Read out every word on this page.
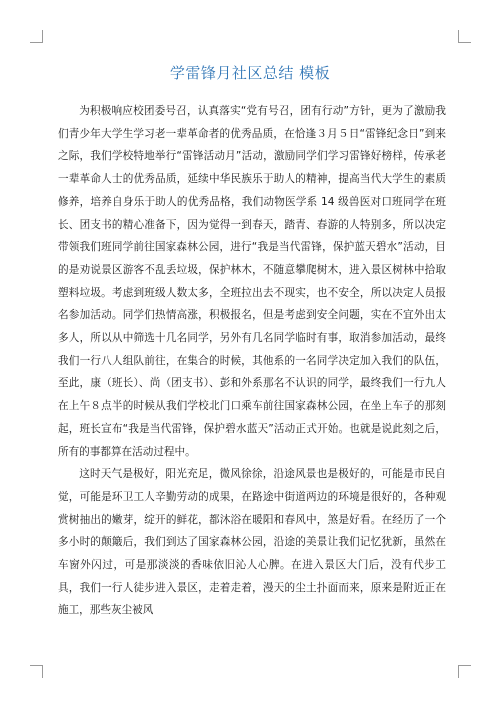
学雷锋月社区总结 模板

为积极响应校团委号召，认真落实“党有号召，团有行动”方针，更为了激励我们青少年大学生学习老一辈革命者的优秀品质，在恰逢３月５日“雷锋纪念日”到来之际，我们学校特地举行“雷锋活动月”活动，激励同学们学习雷锋好榜样，传承老一辈革命人士的优秀品质，延续中华民族乐于助人的精神，提高当代大学生的素质修养，培养自身乐于助人的优秀品格，我们动物医学系 14 级兽医对口班同学在班长、团支书的精心准备下，因为觉得一到春天，踏青、春游的人特别多，所以决定带领我们班同学前往国家森林公园，进行“我是当代雷锋，保护蓝天碧水”活动，目的是劝说景区游客不乱丢垃圾，保护林木，不随意攀爬树木，进入景区树林中拾取塑料垃圾。考虑到班级人数太多，全班拉出去不现实，也不安全，所以决定人员报名参加活动。同学们热情高涨，积极报名，但是考虑到安全问题，实在不宜外出太多人，所以从中筛选十几名同学，另外有几名同学临时有事，取消参加活动，最终我们一行八人组队前往，在集合的时候，其他系的一名同学决定加入我们的队伍，至此，康（班长）、尚（团支书）、彭和外系那名不认识的同学，最终我们一行九人在上午８点半的时候从我们学校北门口乘车前往国家森林公园，在坐上车子的那刻起，班长宣布“我是当代雷锋，保护碧水蓝天”活动正式开始。也就是说此刻之后，所有的事都算在活动过程中。

这时天气是极好，阳光充足，微风徐徐，沿途风景也是极好的，可能是市民自觉，可能是环卫工人辛勤劳动的成果，在路途中街道两边的环境是很好的，各种观赏树抽出的嫩芽，绽开的鲜花，都沐浴在暖阳和春风中，煞是好看。在经历了一个多小时的颠簸后，我们到达了国家森林公园，沿途的美景让我们记忆犹新，虽然在车窗外闪过，可是那淡淡的香味依旧沁人心脾。在进入景区大门后，没有代步工具，我们一行人徒步进入景区，走着走着，漫天的尘土扑面而来，原来是附近正在施工，那些灰尘被风
